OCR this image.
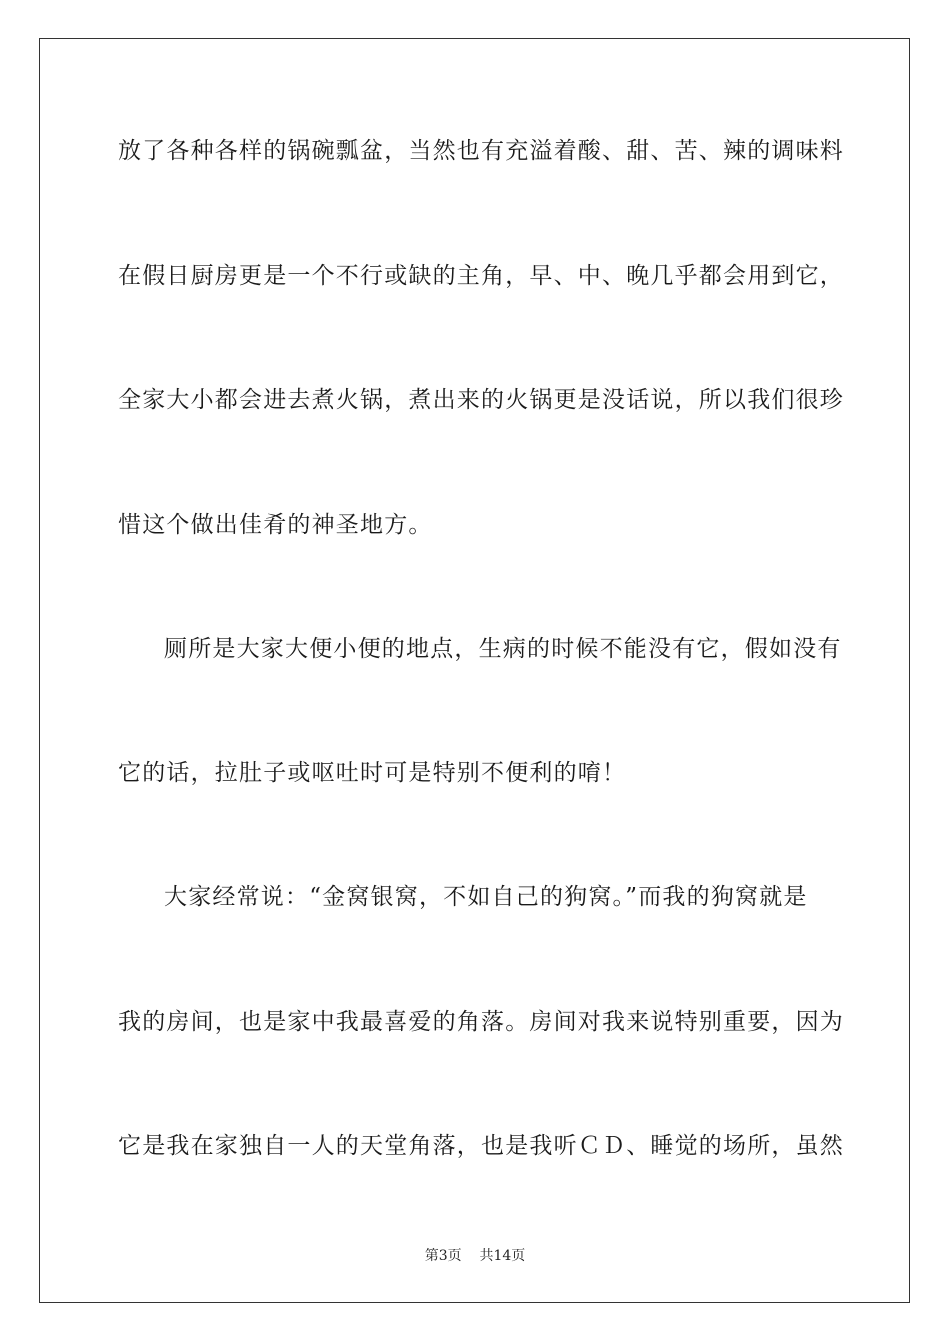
放了各种各样的锅碗瓢盆，当然也有充溢着酸、甜、苦、辣的调味料
在假日厨房更是一个不行或缺的主角，早、中、晚几乎都会用到它，
全家大小都会进去煮火锅，煮出来的火锅更是没话说，所以我们很珍
惜这个做出佳肴的神圣地方。
厕所是大家大便小便的地点，生病的时候不能没有它，假如没有
它的话，拉肚子或呕吐时可是特别不便利的唷！
大家经常说：“金窝银窝，不如自己的狗窝。”而我的狗窝就是
我的房间，也是家中我最喜爱的角落。房间对我来说特别重要，因为
它是我在家独自一人的天堂角落，也是我听ＣＤ、睡觉的场所，虽然
第3页 共14页
